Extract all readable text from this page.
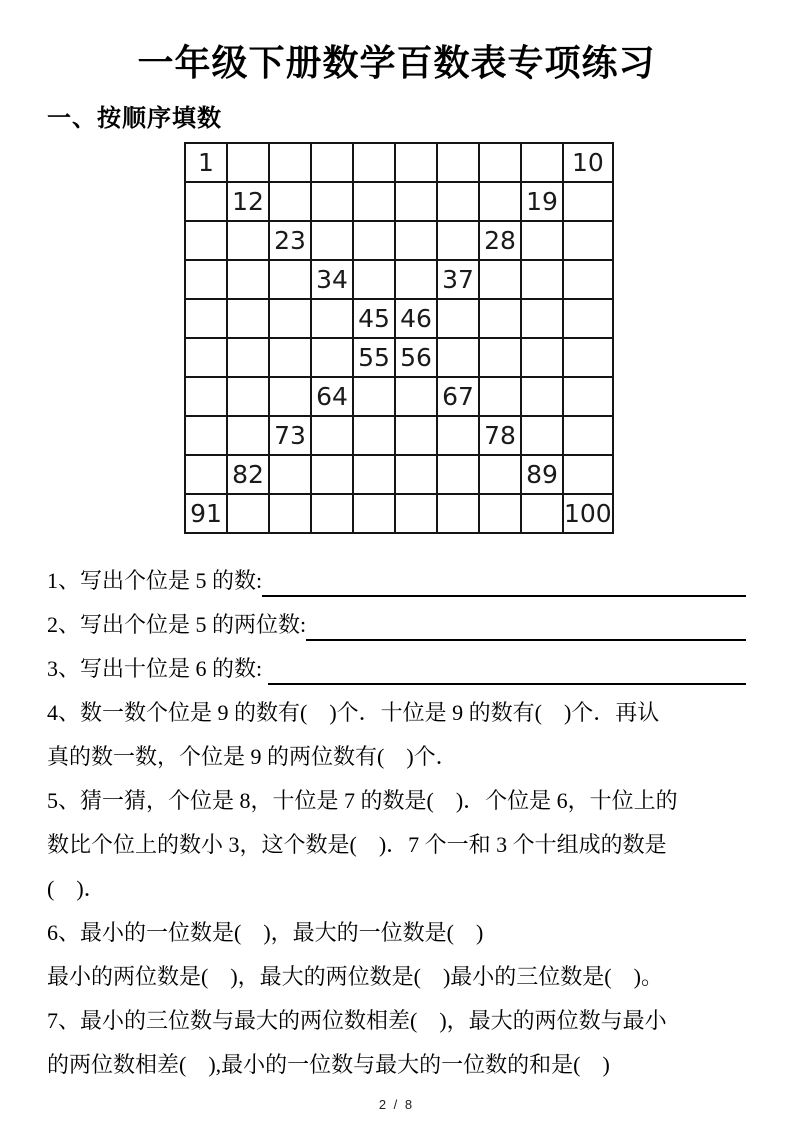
一年级下册数学百数表专项练习
一、按顺序填数
1									10
	12							19	
		23					28		
			34			37			
				45	46				
				55	56				
			64			67			
		73					78		
	82							89	
91									100
1、写出个位是 5 的数:
2、写出个位是 5 的两位数:
3、写出十位是 6 的数:
4、数一数个位是 9 的数有(    )个．十位是 9 的数有(    )个．再认
真的数一数，个位是 9 的两位数有(    )个．
5、猜一猜，个位是 8，十位是 7 的数是(    )．个位是 6，十位上的
数比个位上的数小 3，这个数是(    )．7 个一和 3 个十组成的数是
(    )．
6、最小的一位数是(    )，最大的一位数是(    )
最小的两位数是(    )，最大的两位数是(    )最小的三位数是(    )。
7、最小的三位数与最大的两位数相差(    )，最大的两位数与最小
的两位数相差(    ),最小的一位数与最大的一位数的和是(    )
2 / 8
